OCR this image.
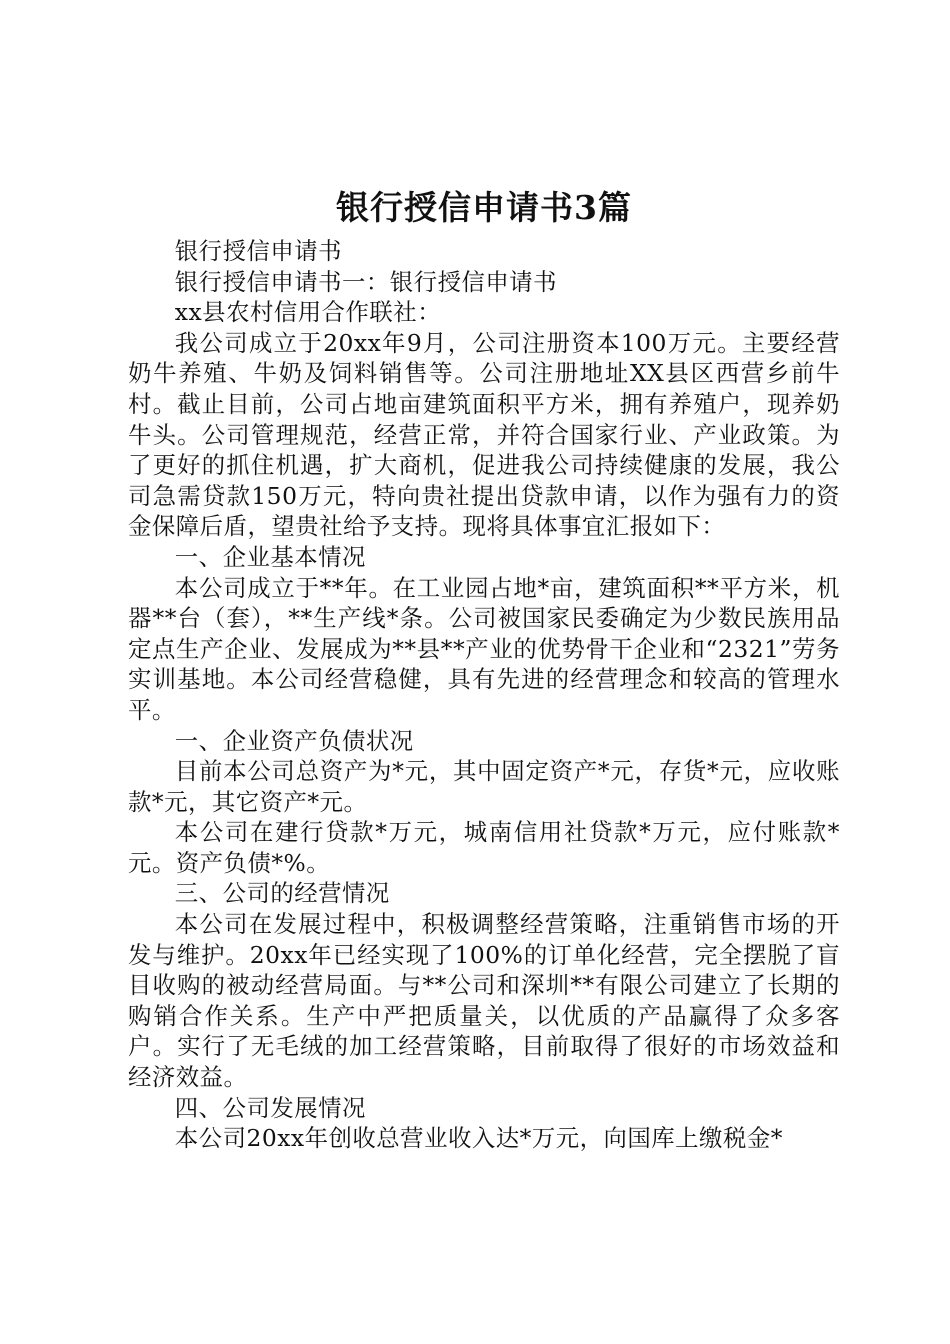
银行授信申请书3篇

银行授信申请书

银行授信申请书一：银行授信申请书

xx县农村信用合作联社：

我公司成立于20xx年9月，公司注册资本100万元。主要经营奶牛养殖、牛奶及饲料销售等。公司注册地址XX县区西营乡前牛村。截止目前，公司占地亩建筑面积平方米，拥有养殖户，现养奶牛头。公司管理规范，经营正常，并符合国家行业、产业政策。为了更好的抓住机遇，扩大商机，促进我公司持续健康的发展，我公司急需贷款150万元，特向贵社提出贷款申请，以作为强有力的资金保障后盾，望贵社给予支持。现将具体事宜汇报如下：

一、企业基本情况

本公司成立于**年。在工业园占地*亩，建筑面积**平方米，机器**台（套），**生产线*条。公司被国家民委确定为少数民族用品定点生产企业、发展成为**县**产业的优势骨干企业和“2321”劳务实训基地。本公司经营稳健，具有先进的经营理念和较高的管理水平。

一、企业资产负债状况

目前本公司总资产为*元，其中固定资产*元，存货*元，应收账款*元，其它资产*元。

本公司在建行贷款*万元，城南信用社贷款*万元，应付账款*元。资产负债*%。

三、公司的经营情况

本公司在发展过程中，积极调整经营策略，注重销售市场的开发与维护。20xx年已经实现了100%的订单化经营，完全摆脱了盲目收购的被动经营局面。与**公司和深圳**有限公司建立了长期的购销合作关系。生产中严把质量关，以优质的产品赢得了众多客户。实行了无毛绒的加工经营策略，目前取得了很好的市场效益和经济效益。

四、公司发展情况

本公司20xx年创收总营业收入达*万元，向国库上缴税金*
